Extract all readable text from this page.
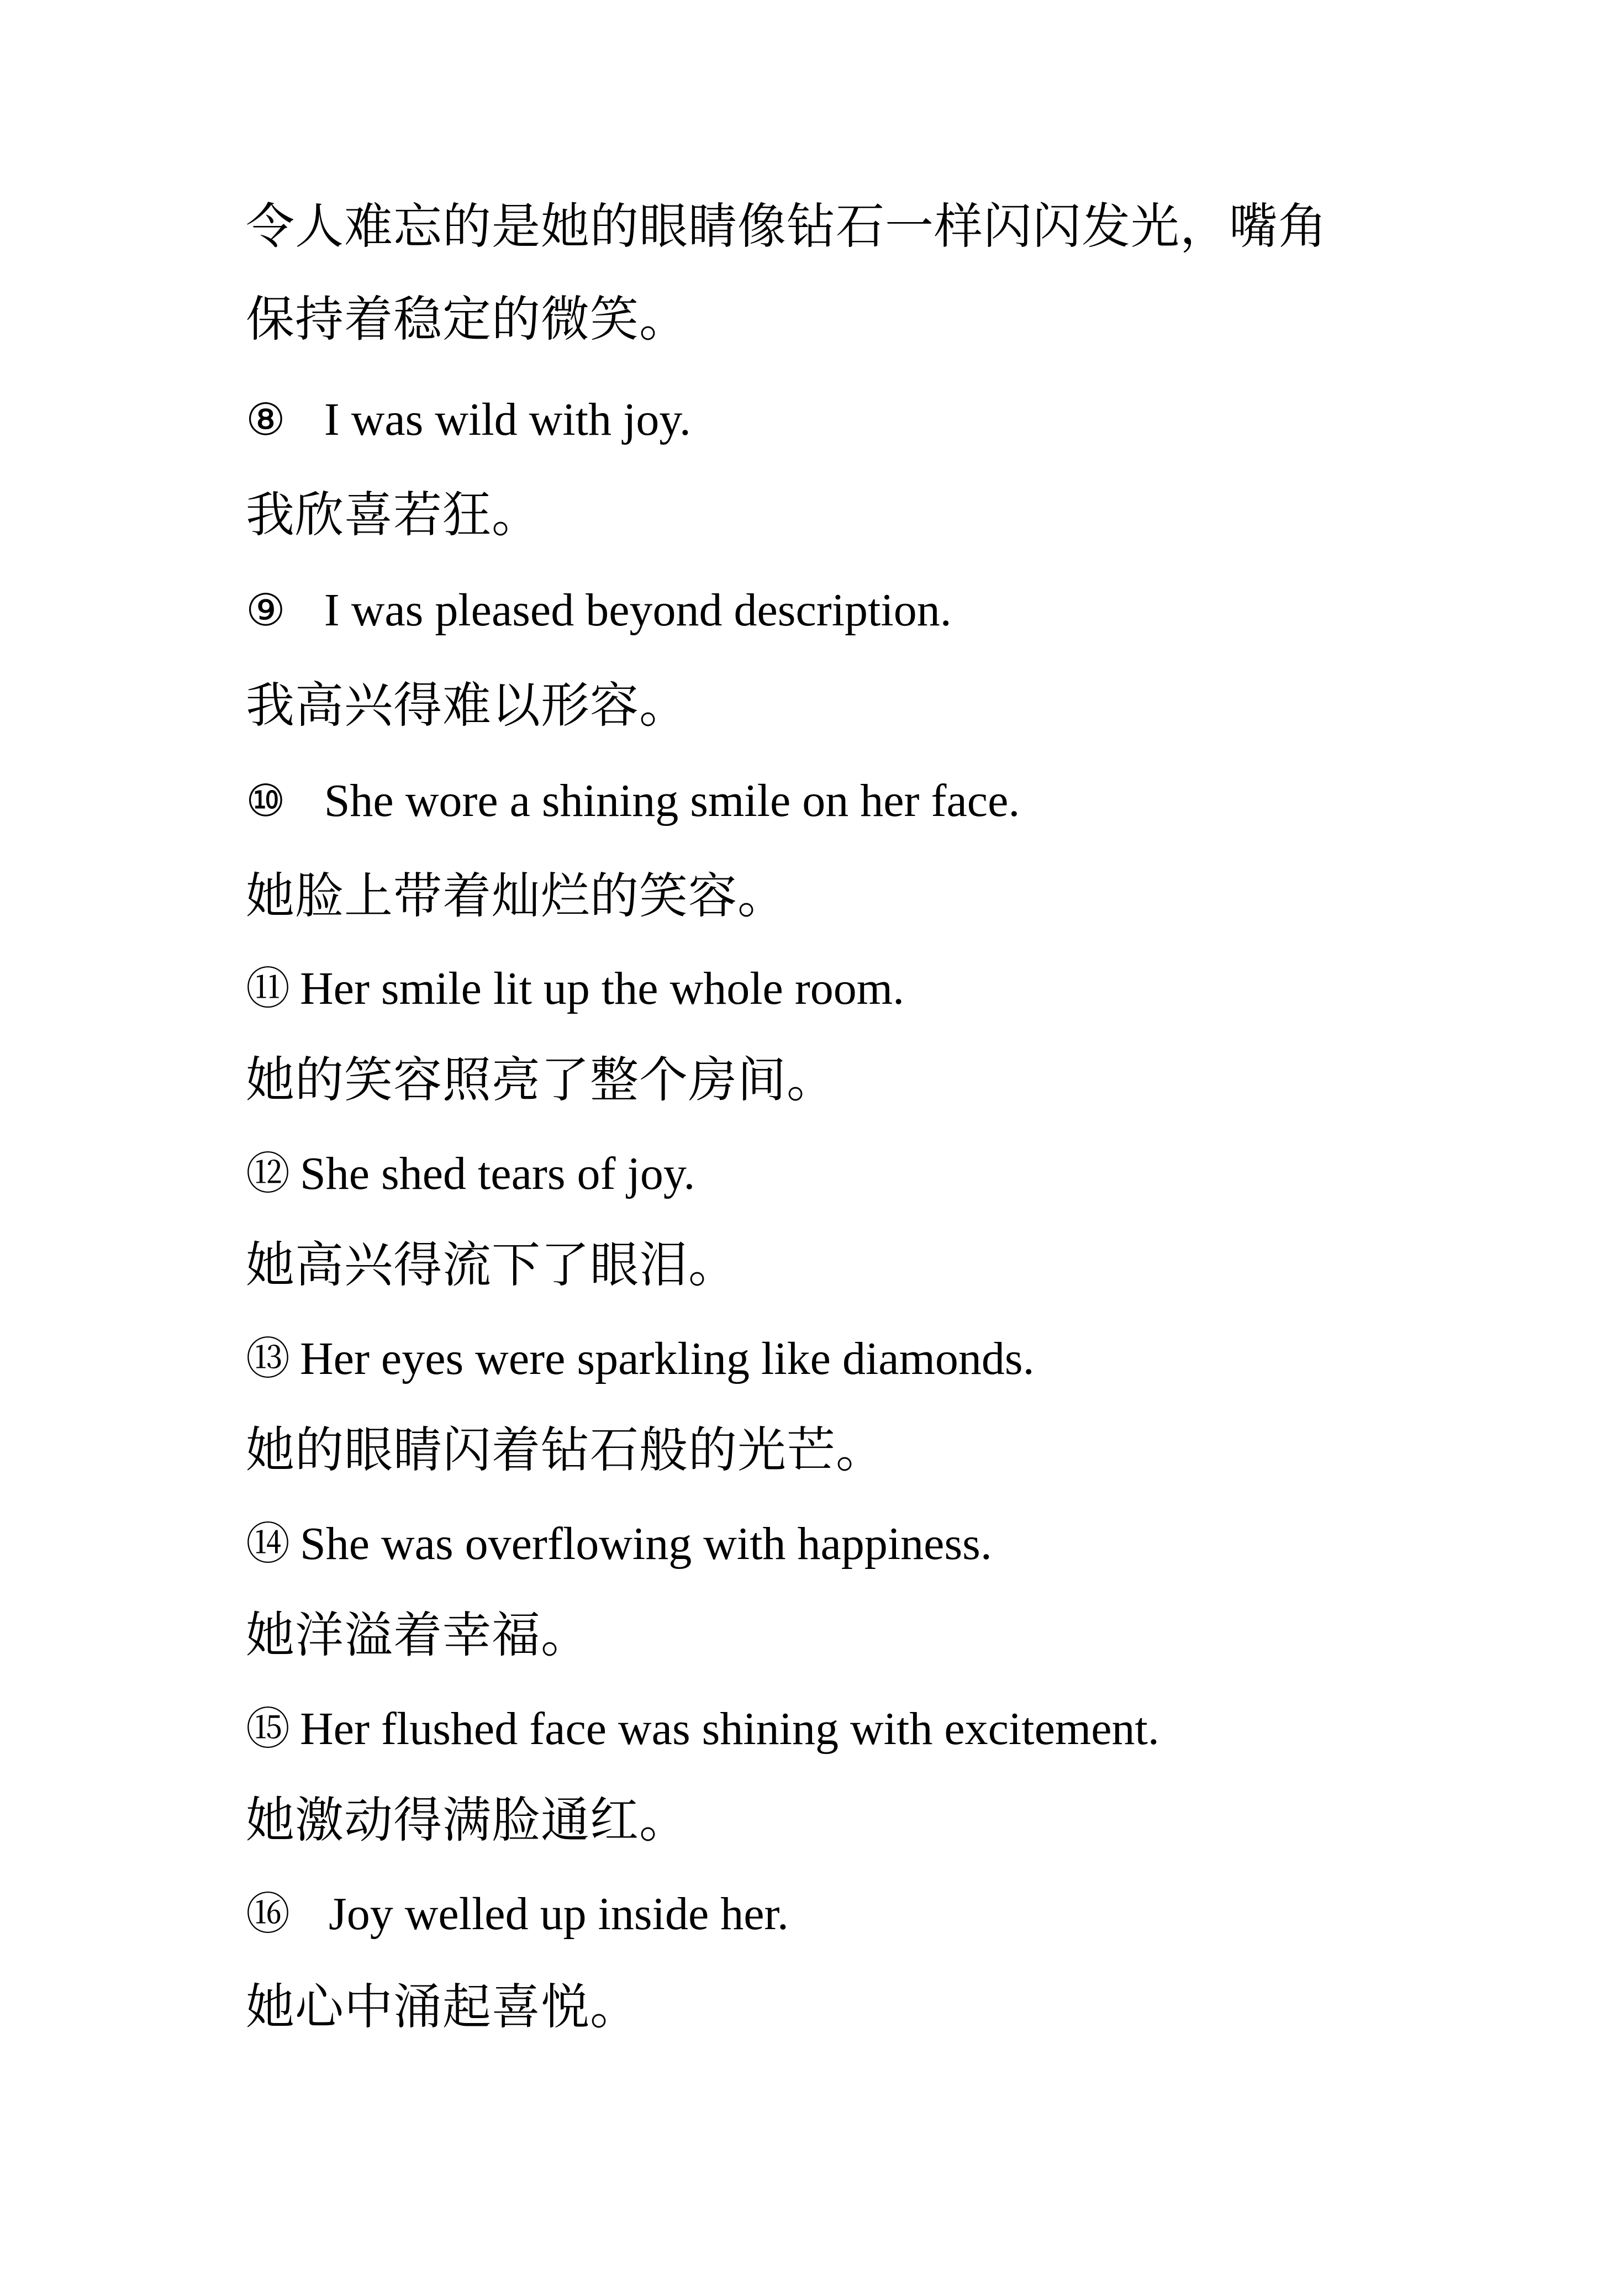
令人难忘的是她的眼睛像钻石一样闪闪发光，嘴角
保持着稳定的微笑。
⑧ I was wild with joy.
我欣喜若狂。
⑨ I was pleased beyond description.
我高兴得难以形容。
⑩ She wore a shining smile on her face.
她脸上带着灿烂的笑容。
⑪ Her smile lit up the whole room.
她的笑容照亮了整个房间。
⑫ She shed tears of joy.
她高兴得流下了眼泪。
⑬ Her eyes were sparkling like diamonds.
她的眼睛闪着钻石般的光芒。
⑭ She was overflowing with happiness.
她洋溢着幸福。
⑮ Her flushed face was shining with excitement.
她激动得满脸通红。
⑯ Joy welled up inside her.
她心中涌起喜悦。
